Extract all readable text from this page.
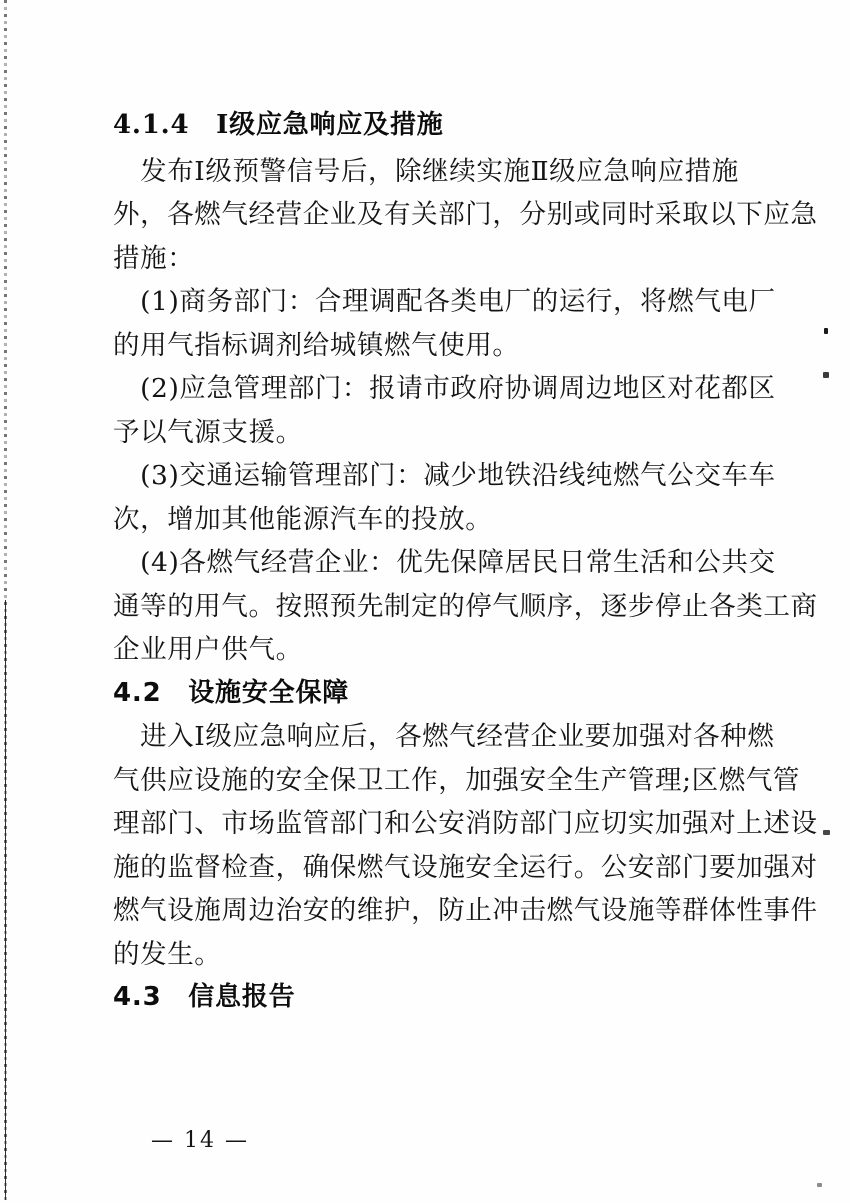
4.1.4　Ⅰ级应急响应及措施
　发布Ⅰ级预警信号后，除继续实施Ⅱ级应急响应措施
外，各燃气经营企业及有关部门，分别或同时采取以下应急
措施：
　(1)商务部门：合理调配各类电厂的运行，将燃气电厂
的用气指标调剂给城镇燃气使用。
　(2)应急管理部门：报请市政府协调周边地区对花都区
予以气源支援。
　(3)交通运输管理部门：减少地铁沿线纯燃气公交车车
次，增加其他能源汽车的投放。
　(4)各燃气经营企业：优先保障居民日常生活和公共交
通等的用气。按照预先制定的停气顺序，逐步停止各类工商
企业用户供气。
4.2　设施安全保障
　进入Ⅰ级应急响应后，各燃气经营企业要加强对各种燃
气供应设施的安全保卫工作，加强安全生产管理;区燃气管
理部门、市场监管部门和公安消防部门应切实加强对上述设
施的监督检查，确保燃气设施安全运行。公安部门要加强对
燃气设施周边治安的维护，防止冲击燃气设施等群体性事件
的发生。
4.3　信息报告
— 14 —
